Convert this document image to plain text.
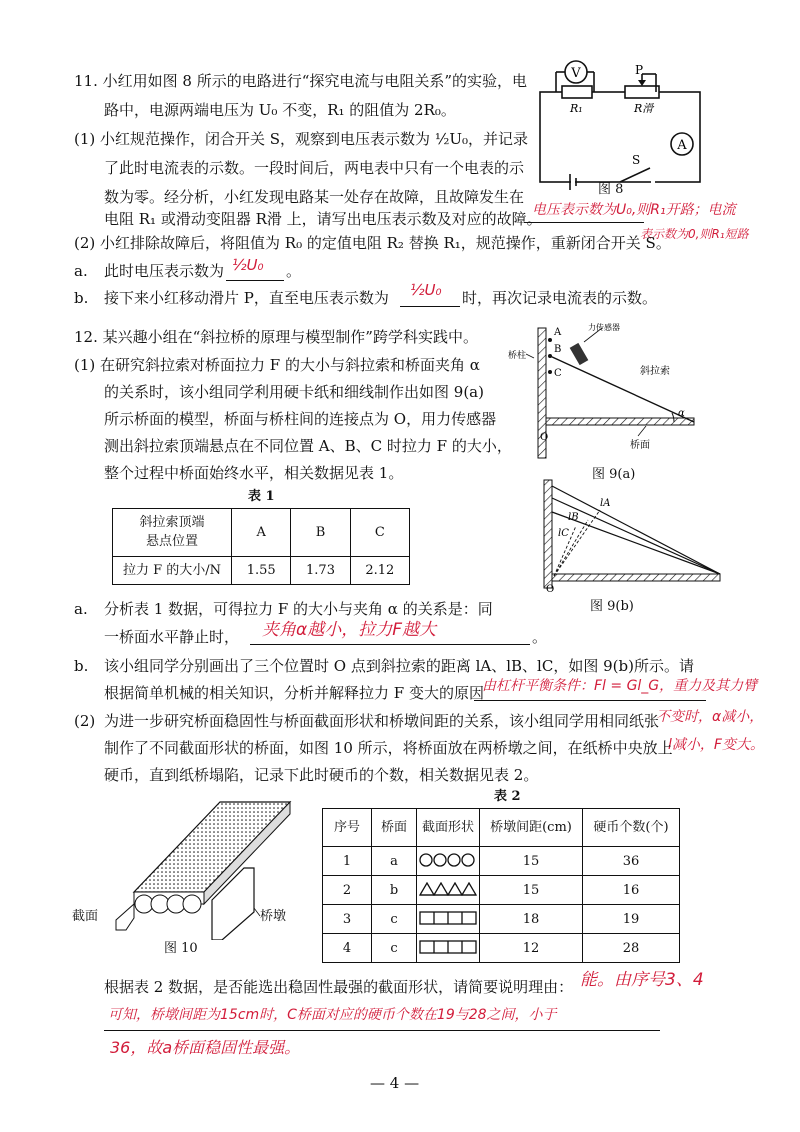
11. 小红用如图 8 所示的电路进行“探究电流与电阻关系”的实验，电
路中，电源两端电压为 U₀ 不变，R₁ 的阻值为 2R₀。
(1) 小红规范操作，闭合开关 S，观察到电压表示数为 ½U₀，并记录
了此时电流表的示数。一段时间后，两电表中只有一个电表的示
数为零。经分析，小红发现电路某一处存在故障，且故障发生在
电阻 R₁ 或滑动变阻器 R滑 上，请写出电压表示数及对应的故障。
电压表示数为U₀,则R₁开路；电流
表示数为0,则R₁短路
(2) 小红排除故障后，将阻值为 R₀ 的定值电阻 R₂ 替换 R₁，规范操作，重新闭合开关 S。
a. 此时电压表示数为 ½U₀ 。
b. 接下来小红移动滑片 P，直至电压表示数为 ½U₀ 时，再次记录电流表的示数。
V
A
P
R₁	R滑
S
图 8
12. 某兴趣小组在“斜拉桥的原理与模型制作”跨学科实践中。
(1) 在研究斜拉索对桥面拉力 F 的大小与斜拉索和桥面夹角 α
的关系时，该小组同学利用硬卡纸和细线制作出如图 9(a)
所示桥面的模型，桥面与桥柱间的连接点为 O，用力传感器
测出斜拉索顶端悬点在不同位置 A、B、C 时拉力 F 的大小，
整个过程中桥面始终水平，相关数据见表 1。
表 1
斜拉索顶端
悬点位置	A	B	C
拉力 F 的大小/N	1.55	1.73	2.12
a. 分析表 1 数据，可得拉力 F 的大小与夹角 α 的关系是：同
一桥面水平静止时， 夹角α越小，拉力F越大	。
b. 该小组同学分别画出了三个位置时 O 点到斜拉索的距离 lA、lB、lC，如图 9(b)所示。请
根据简单机械的相关知识，分析并解释拉力 F 变大的原因
由杠杆平衡条件：Fl = Gl_G，重力及其力臂
不变时，α减小，
l减小，F变大。
(2) 为进一步研究桥面稳固性与桥面截面形状和桥墩间距的关系，该小组同学用相同纸张
制作了不同截面形状的桥面，如图 10 所示，将桥面放在两桥墩之间，在纸桥中央放上
硬币，直到纸桥塌陷，记录下此时硬币的个数，相关数据见表 2。
A
B
C
O
力传感器
桥柱
斜拉索
桥面
α
图 9(a)
lA
lB
lC
O
图 9(b)
截面	桥墩
图 10
表 2
序号	桥面	截面形状	桥墩间距(cm)	硬币个数(个)
1	a		15	36
2	b		15	16
3	c		18	19
4	c		12	28
根据表 2 数据，是否能选出稳固性最强的截面形状，请简要说明理由： 能。由序号3、4
可知，桥墩间距为15cm时，C桥面对应的硬币个数在19与28之间，小于
36，故a桥面稳固性最强。
— 4 —
